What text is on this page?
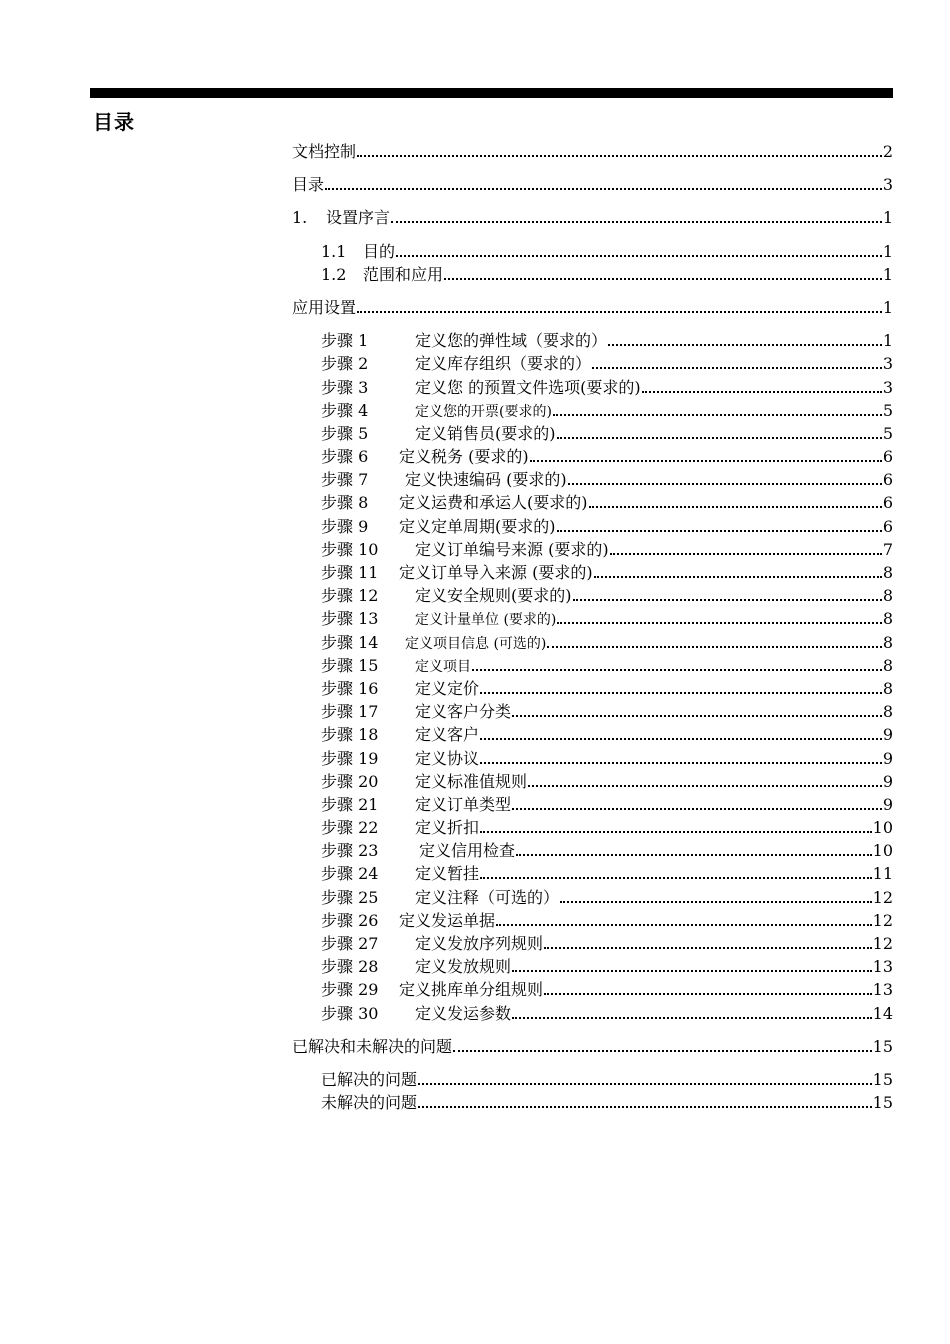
目录
文档控制	2
目录	3
1.	设置序言	1
1.1	目的	1
1.2	范围和应用	1
应用设置	1
步骤 1	定义您的弹性域（要求的）	1
步骤 2	定义库存组织（要求的）	3
步骤 3	定义您 的预置文件选项(要求的)	3
步骤 4	定义您的开票(要求的)	5
步骤 5	定义销售员(要求的)	5
步骤 6	定义税务 (要求的)	6
步骤 7	定义快速编码 (要求的)	6
步骤 8	定义运费和承运人(要求的)	6
步骤 9	定义定单周期(要求的)	6
步骤 10	定义订单编号来源 (要求的)	7
步骤 11	定义订单导入来源 (要求的)	8
步骤 12	定义安全规则(要求的)	8
步骤 13	定义计量单位 (要求的)	8
步骤 14	定义项目信息 (可选的)	8
步骤 15	定义项目	8
步骤 16	定义定价	8
步骤 17	定义客户分类	8
步骤 18	定义客户	9
步骤 19	定义协议	9
步骤 20	定义标准值规则	9
步骤 21	定义订单类型	9
步骤 22	定义折扣	10
步骤 23	定义信用检查	10
步骤 24	定义暂挂	11
步骤 25	定义注释（可选的）	12
步骤 26	定义发运单据	12
步骤 27	定义发放序列规则	12
步骤 28	定义发放规则	13
步骤 29	定义挑库单分组规则	13
步骤 30	定义发运参数	14
已解决和未解决的问题	15
已解决的问题	15
未解决的问题	15
